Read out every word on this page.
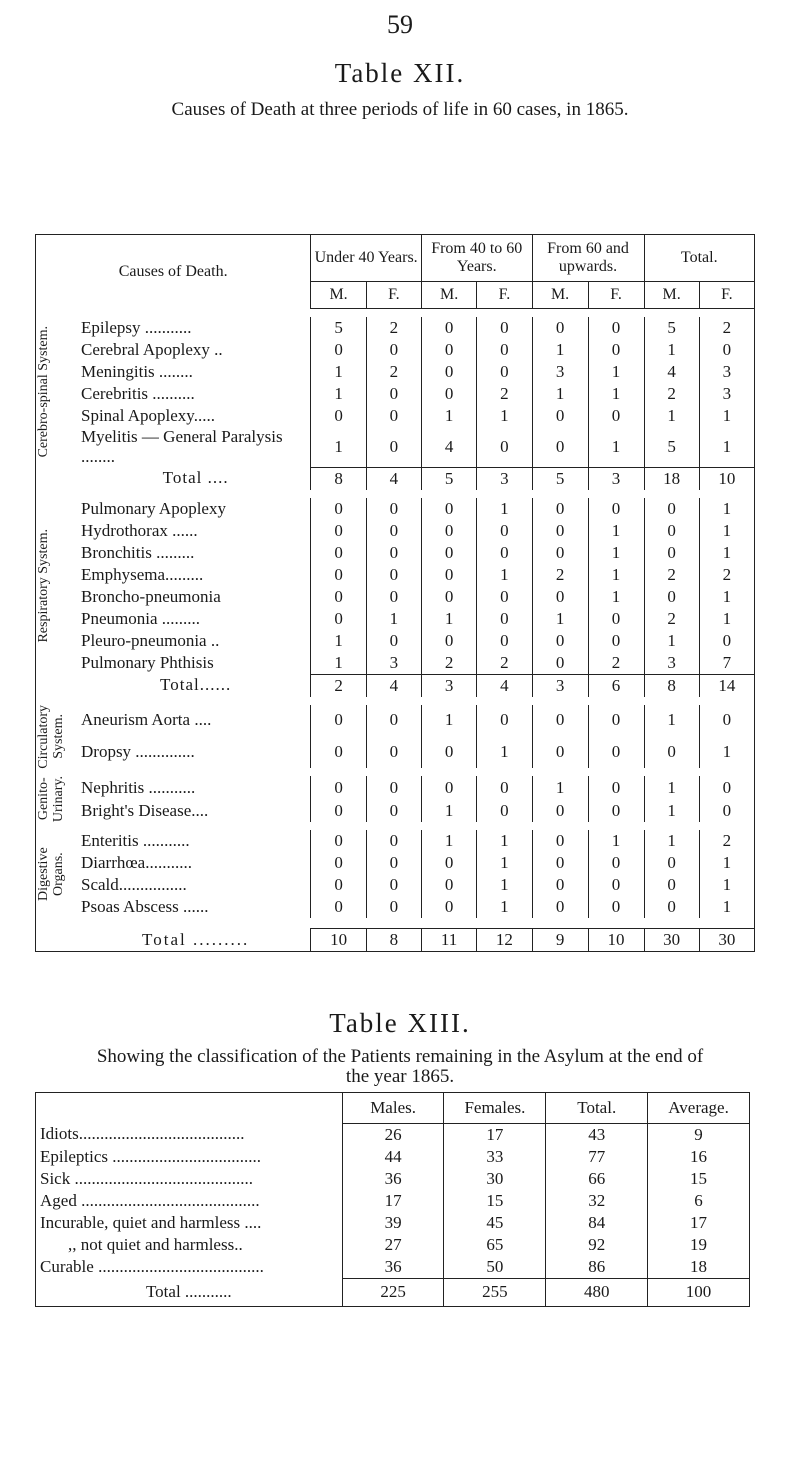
59
Table XII.
Causes of Death at three periods of life in 60 cases, in 1865.
Causes of Death.		Under 40 Years.		From 40 to 60 Years.		From 60 and upwards.		Total.	
		M.	F.	M.	F.	M.	F.	M.	F.

Cerebro-spinal System.	Epilepsy ...........	5	2	0	0	0	0	5	2
	Cerebral Apoplexy ..	0	0	0	0	1	0	1	0
	Meningitis ........	1	2	0	0	3	1	4	3
	Cerebritis ..........	1	0	0	2	1	1	2	3
	Spinal Apoplexy.....	0	0	1	1	0	0	1	1
	Myelitis — General Paralysis ........	1	0	4	0	0	1	5	1
	Total ....	8	4	5	3	5	3	18	10

Respiratory System.	Pulmonary Apoplexy	0	0	0	1	0	0	0	1
	Hydrothorax ......	0	0	0	0	0	1	0	1
	Bronchitis .........	0	0	0	0	0	1	0	1
	Emphysema.........	0	0	0	1	2	1	2	2
	Broncho-pneumonia	0	0	0	0	0	1	0	1
	Pneumonia .........	0	1	1	0	1	0	2	1
	Pleuro-pneumonia ..	1	0	0	0	0	0	1	0
	Pulmonary Phthisis	1	3	2	2	0	2	3	7
	Total......	2	4	3	4	3	6	8	14

Circulatory System.	Aneurism Aorta ....	0	0	1	0	0	0	1	0
	Dropsy ..............	0	0	0	1	0	0	0	1

Genito-Urinary.	Nephritis ...........	0	0	0	0	1	0	1	0
	Bright's Disease....	0	0	1	0	0	0	1	0

Digestive Organs.	Enteritis ...........	0	0	1	1	0	1	1	2
	Diarrhœa...........	0	0	0	1	0	0	0	1
	Scald................	0	0	0	1	0	0	0	1
	Psoas Abscess ......	0	0	0	1	0	0	0	1

	Total .........	10	8	11	12	9	10	30	30
Table XIII.
Showing the classification of the Patients remaining in the Asylum at the end of
the year 1865.
	Males.	Females.	Total.	Average.
Idiots.......................................	26	17	43	9
Epileptics ...................................	44	33	77	16
Sick ..........................................	36	30	66	15
Aged ..........................................	17	15	32	6
Incurable, quiet and harmless ....	39	45	84	17
,, not quiet and harmless..	27	65	92	19
Curable .......................................	36	50	86	18
Total ...........	225	255	480	100
